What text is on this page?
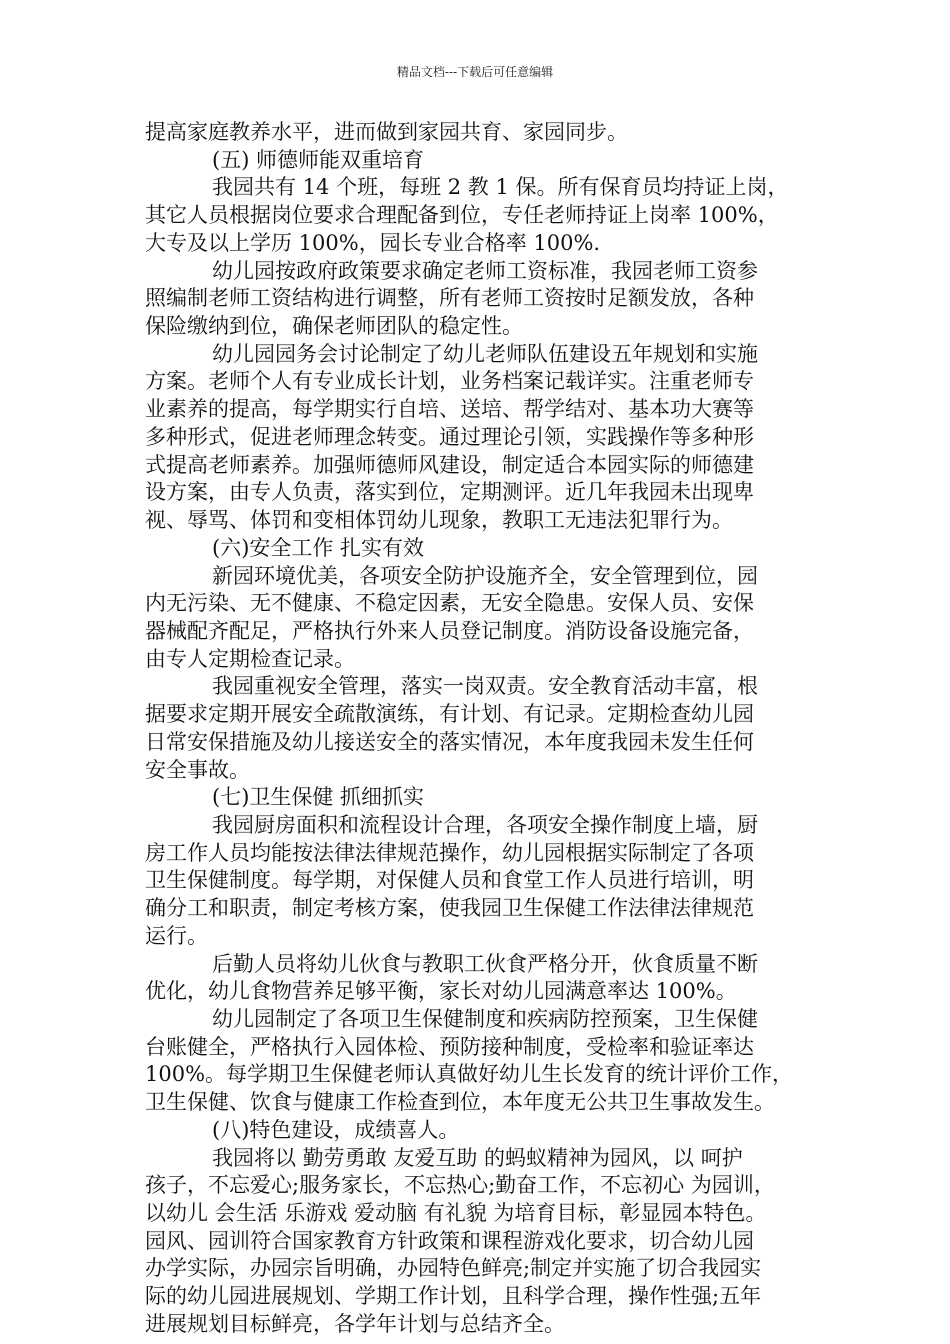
精品文档---下载后可任意编辑
提高家庭教养水平，进而做到家园共育、家园同步。
(五) 师德师能双重培育
我园共有 14 个班，每班 2 教 1 保。所有保育员均持证上岗，
其它人员根据岗位要求合理配备到位，专任老师持证上岗率 100%，
大专及以上学历 100%，园长专业合格率 100%.
幼儿园按政府政策要求确定老师工资标准，我园老师工资参
照编制老师工资结构进行调整，所有老师工资按时足额发放，各种
保险缴纳到位，确保老师团队的稳定性。
幼儿园园务会讨论制定了幼儿老师队伍建设五年规划和实施
方案。老师个人有专业成长计划，业务档案记载详实。注重老师专
业素养的提高，每学期实行自培、送培、帮学结对、基本功大赛等
多种形式，促进老师理念转变。通过理论引领，实践操作等多种形
式提高老师素养。加强师德师风建设，制定适合本园实际的师德建
设方案，由专人负责，落实到位，定期测评。近几年我园未出现卑
视、辱骂、体罚和变相体罚幼儿现象，教职工无违法犯罪行为。
(六)安全工作 扎实有效
新园环境优美，各项安全防护设施齐全，安全管理到位，园
内无污染、无不健康、不稳定因素，无安全隐患。安保人员、安保
器械配齐配足，严格执行外来人员登记制度。消防设备设施完备，
由专人定期检查记录。
我园重视安全管理，落实一岗双责。安全教育活动丰富，根
据要求定期开展安全疏散演练，有计划、有记录。定期检查幼儿园
日常安保措施及幼儿接送安全的落实情况，本年度我园未发生任何
安全事故。
(七)卫生保健 抓细抓实
我园厨房面积和流程设计合理，各项安全操作制度上墙，厨
房工作人员均能按法律法律规范操作，幼儿园根据实际制定了各项
卫生保健制度。每学期，对保健人员和食堂工作人员进行培训，明
确分工和职责，制定考核方案，使我园卫生保健工作法律法律规范
运行。
后勤人员将幼儿伙食与教职工伙食严格分开，伙食质量不断
优化，幼儿食物营养足够平衡，家长对幼儿园满意率达 100%。
幼儿园制定了各项卫生保健制度和疾病防控预案，卫生保健
台账健全，严格执行入园体检、预防接种制度，受检率和验证率达
100%。每学期卫生保健老师认真做好幼儿生长发育的统计评价工作，
卫生保健、饮食与健康工作检查到位，本年度无公共卫生事故发生。
(八)特色建设，成绩喜人。
我园将以 勤劳勇敢 友爱互助 的蚂蚁精神为园风，以 呵护
孩子，不忘爱心;服务家长，不忘热心;勤奋工作，不忘初心 为园训，
以幼儿 会生活 乐游戏 爱动脑 有礼貌 为培育目标，彰显园本特色。
园风、园训符合国家教育方针政策和课程游戏化要求，切合幼儿园
办学实际，办园宗旨明确，办园特色鲜亮;制定并实施了切合我园实
际的幼儿园进展规划、学期工作计划，且科学合理，操作性强;五年
进展规划目标鲜亮，各学年计划与总结齐全。
